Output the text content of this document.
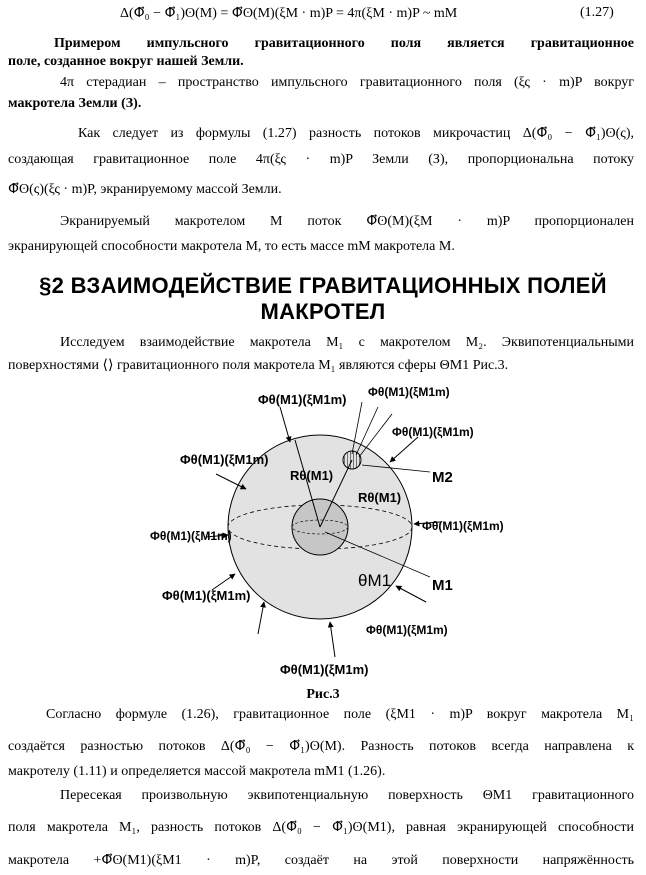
Δ(Φ⃗₀ − Φ⃗₁)ʘ(M) = Φ⃗ʘ(M)(ξM · m)P = 4π(ξM · m)P ~ mM	(1.27)
Примером импульсного гравитационного поля является гравитационное
поле, созданное вокруг нашей Земли.
4π стерадиан – пространство импульсного гравитационного поля (ξς · m)P вокруг
макротела Земли (З).
Как следует из формулы (1.27) разность потоков микрочастиц Δ(Φ⃗₀ − Φ⃗₁)ʘ(ς),
создающая гравитационное поле 4π(ξς · m)P Земли (З), пропорциональна потоку
Φ⃗ʘ(ς)(ξς · m)P, экранируемому массой Земли.
Экранируемый макротелом М поток Φ⃗ʘ(M)(ξM · m)P пропорционален
экранирующей способности макротела М, то есть массе mM макротела М.
§2 ВЗАИМОДЕЙСТВИЕ ГРАВИТАЦИОННЫХ ПОЛЕЙ
МАКРОТЕЛ
Исследуем взаимодействие макротела M₁ с макротелом M₂. Эквипотенциальными
поверхностями ⟨⟩ гравитационного поля макротела M₁ являются сферы ΘM1 Рис.3.
Φθ(M1)(ξM1m) Φθ(M1)(ξM1m)
Φθ(M1)(ξM1m)
Φθ(M1)(ξM1m)
Φθ(M1)(ξM1m)
Φθ(M1)(ξM1m)
Φθ(M1)(ξM1m)
Φθ(M1)(ξM1m)
Φθ(M1)(ξM1m)
Rθ(M1)
Rθ(M1)
M2
M1
θM1
Рис.3
Согласно формуле (1.26), гравитационное поле (ξM1 · m)P вокруг макротела M₁
создаётся разностью потоков Δ(Φ⃗₀ − Φ⃗₁)ʘ(M). Разность потоков всегда направлена к
макротелу (1.11) и определяется массой макротела mM1 (1.26).
Пересекая произвольную эквипотенциальную поверхность ΘM1 гравитационного
поля макротела M₁, разность потоков Δ(Φ⃗₀ − Φ⃗₁)ʘ(M1), равная экранирующей способности
макротела +Φ⃗ʘ(M1)(ξM1 · m)P, создаёт на этой поверхности напряжённость
